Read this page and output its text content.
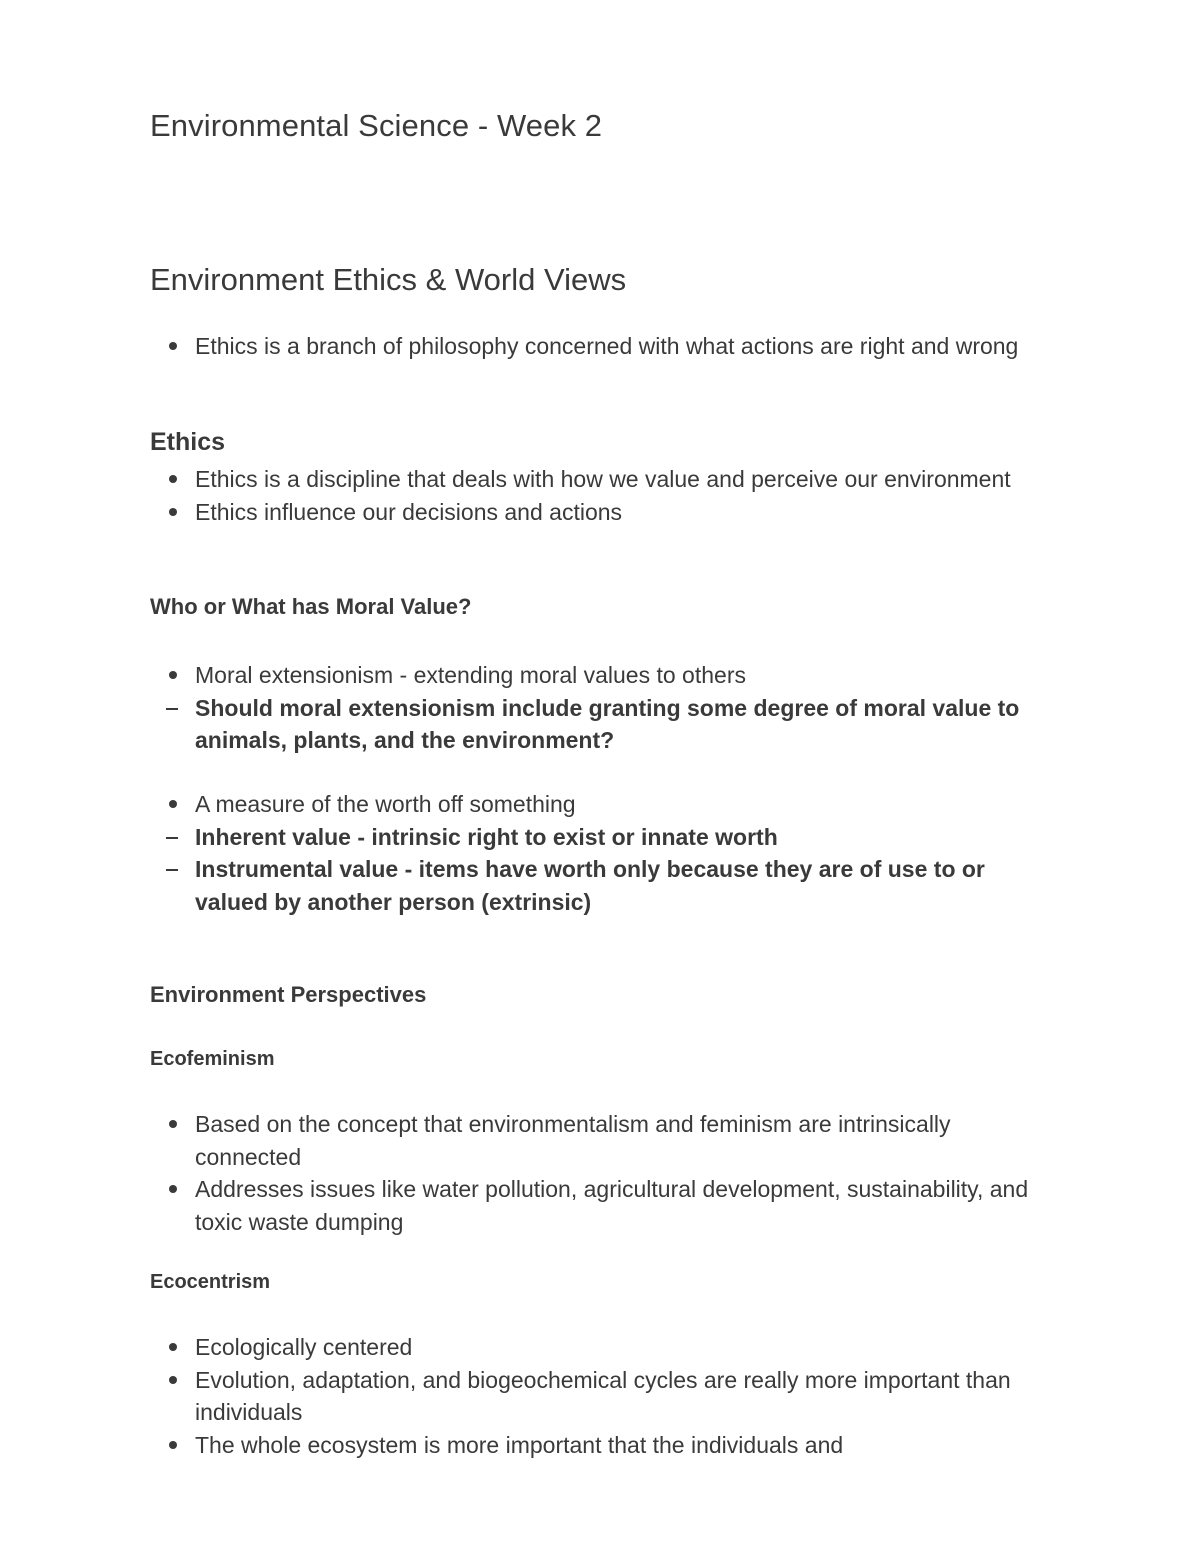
Environmental Science - Week 2
Environment Ethics & World Views
Ethics is a branch of philosophy concerned with what actions are right and wrong
Ethics
Ethics is a discipline that deals with how we value and perceive our environment
Ethics influence our decisions and actions
Who or What has Moral Value?
Moral extensionism - extending moral values to others
Should moral extensionism include granting some degree of moral value to animals, plants, and the environment?
A measure of the worth off something
Inherent value - intrinsic right to exist or innate worth
Instrumental value - items have worth only because they are of use to or valued by another person (extrinsic)
Environment Perspectives
Ecofeminism
Based on the concept that environmentalism and feminism are intrinsically connected
Addresses issues like water pollution, agricultural development, sustainability, and toxic waste dumping
Ecocentrism
Ecologically centered
Evolution, adaptation, and biogeochemical cycles are really more important than individuals
The whole ecosystem is more important that the individuals and
